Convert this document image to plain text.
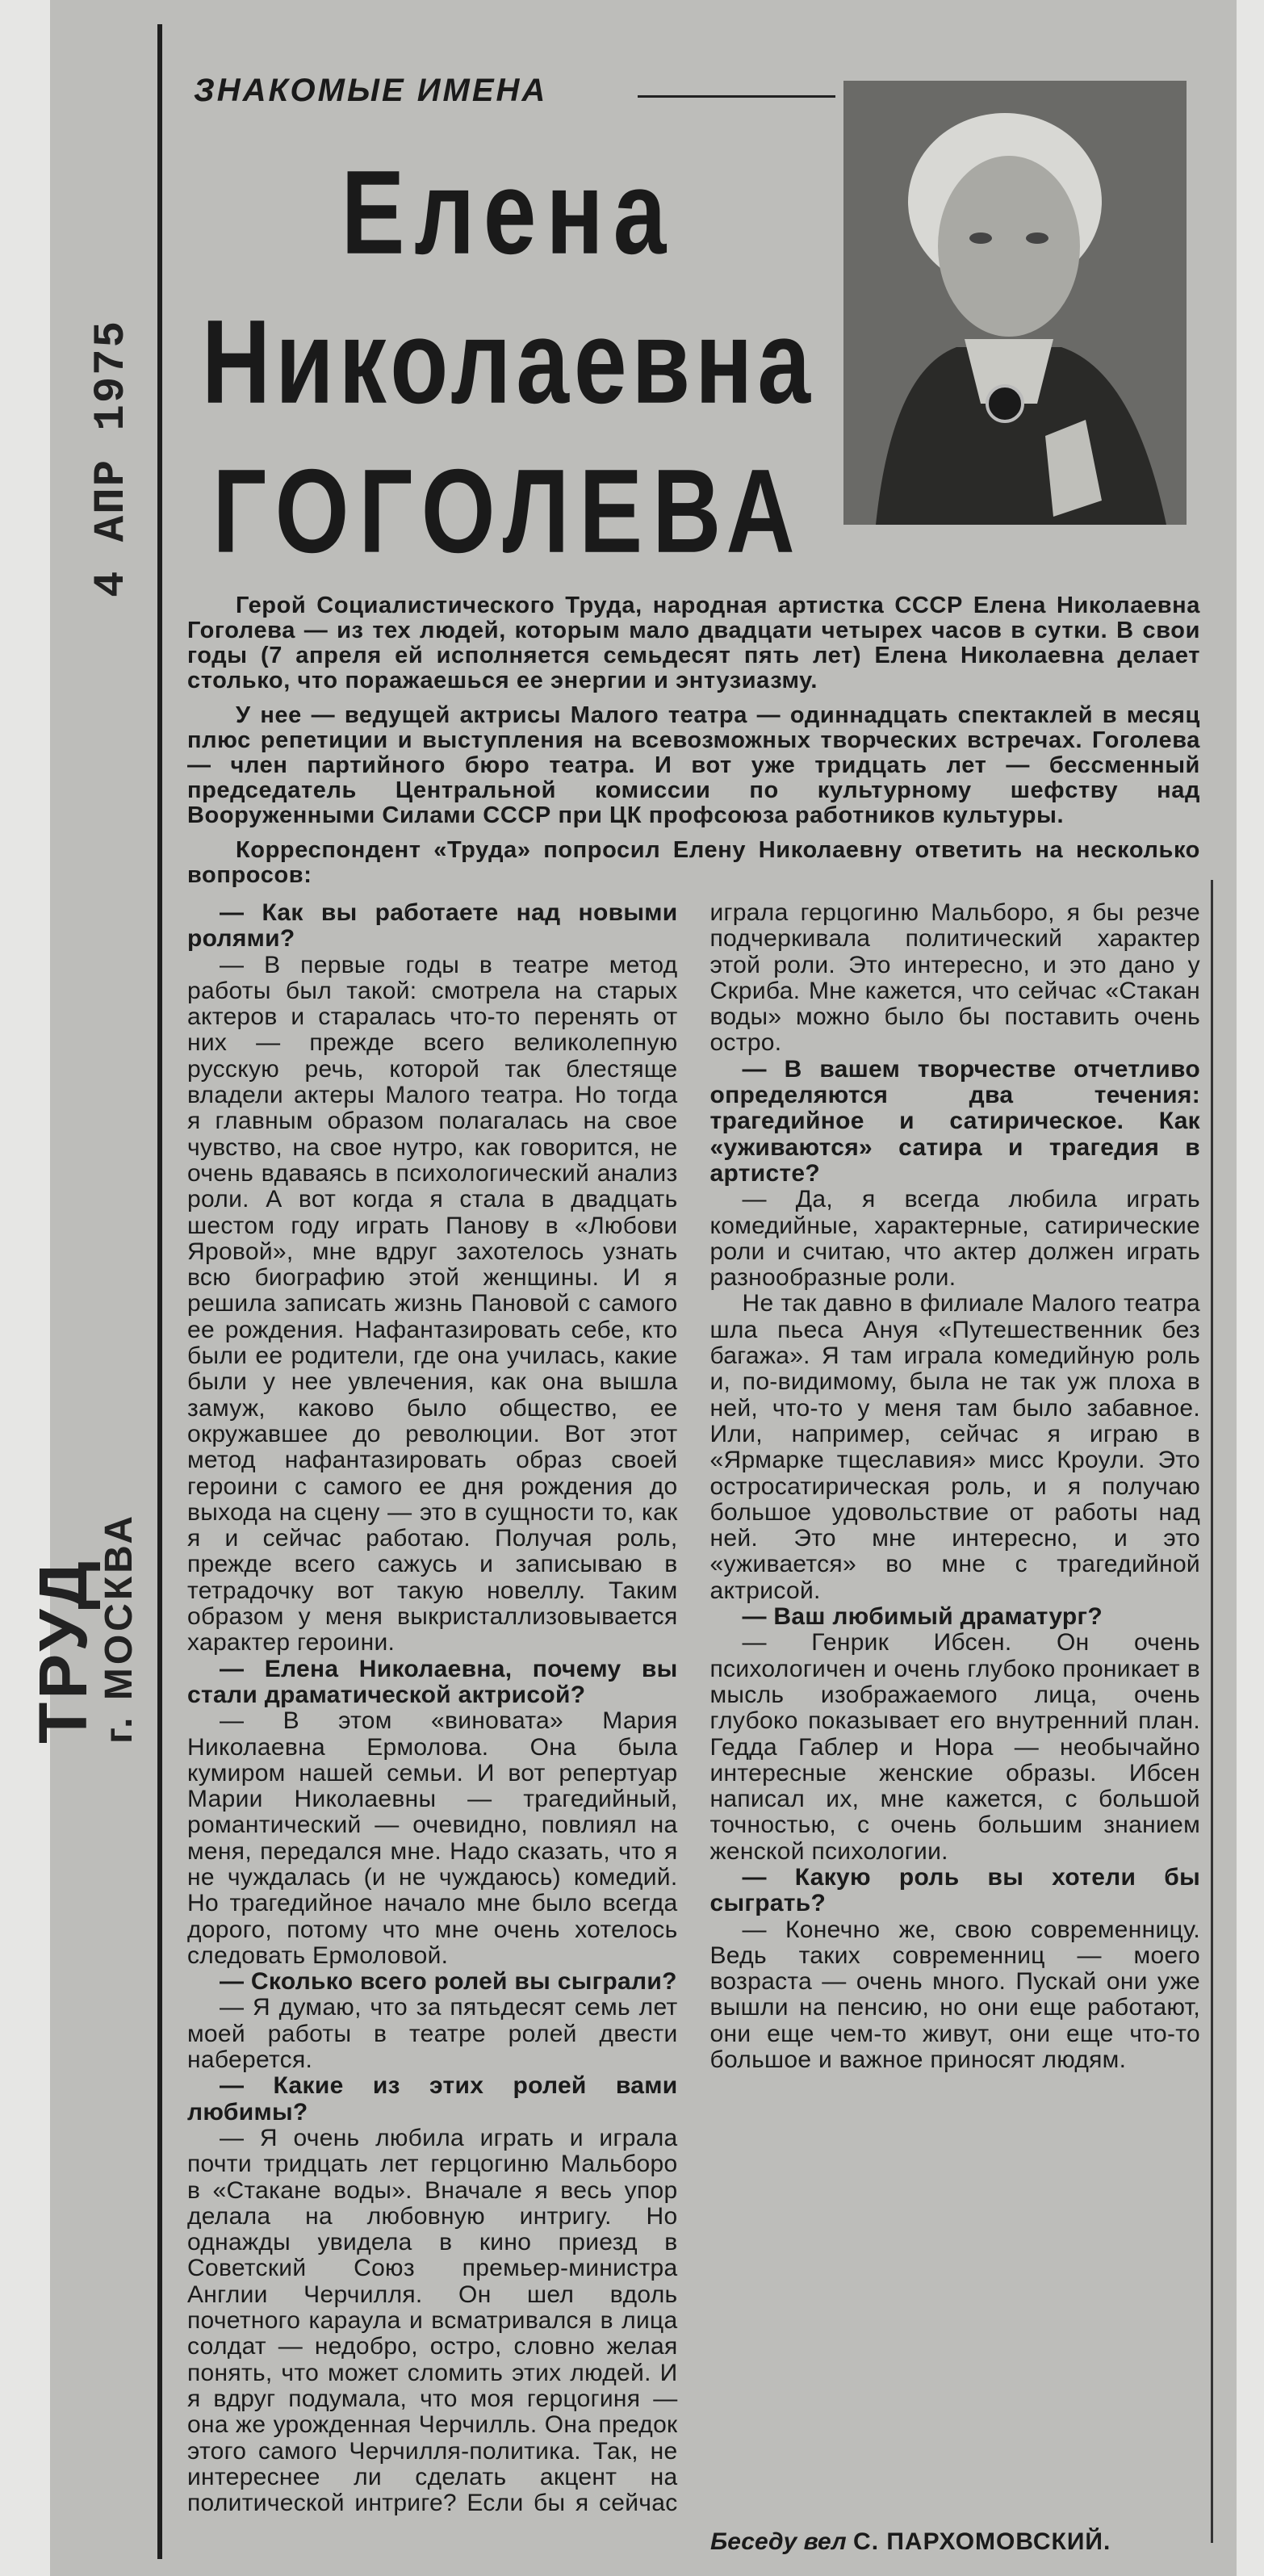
4 АПР 1975
ТРУД
г. МОСКВА
ЗНАКОМЫЕ ИМЕНА
Елена
Николаевна
ГОГОЛЕВА

Герой Социалистического Труда, народная артистка СССР Елена Николаевна Гоголева — из тех людей, которым мало двадцати четырех часов в сутки. В свои годы (7 апреля ей исполняется семьдесят пять лет) Елена Николаевна делает столько, что поражаешься ее энергии и энтузиазму.

У нее — ведущей актрисы Малого театра — одиннадцать спектаклей в месяц плюс репетиции и выступления на всевозможных творческих встречах. Гоголева — член партийного бюро театра. И вот уже тридцать лет — бессменный председатель Центральной комиссии по культурному шефству над Вооруженными Силами СССР при ЦК профсоюза работников культуры.

Корреспондент «Труда» попросил Елену Николаевну ответить на несколько вопросов:

— Как вы работаете над новыми ролями?

— В первые годы в театре метод работы был такой: смотрела на старых актеров и старалась что-то перенять от них — прежде всего великолепную русскую речь, которой так блестяще владели актеры Малого театра. Но тогда я главным образом полагалась на свое чувство, на свое нутро, как говорится, не очень вдаваясь в психологический анализ роли. А вот когда я стала в двадцать шестом году играть Панову в «Любови Яровой», мне вдруг захотелось узнать всю биографию этой женщины. И я решила записать жизнь Пановой с самого ее рождения. Нафантазировать себе, кто были ее родители, где она училась, какие были у нее увлечения, как она вышла замуж, каково было общество, ее окружавшее до революции. Вот этот метод нафантазировать образ своей героини с самого ее дня рождения до выхода на сцену — это в сущности то, как я и сейчас работаю. Получая роль, прежде всего сажусь и записываю в тетрадочку вот такую новеллу. Таким образом у меня выкристаллизовывается характер героини.

— Елена Николаевна, почему вы стали драматической актрисой?

— В этом «виновата» Мария Николаевна Ермолова. Она была кумиром нашей семьи. И вот репертуар Марии Николаевны — трагедийный, романтический — очевидно, повлиял на меня, передался мне. Надо сказать, что я не чуждалась (и не чуждаюсь) комедий. Но трагедийное начало мне было всегда дорого, потому что мне очень хотелось следовать Ермоловой.

— Сколько всего ролей вы сыграли?

— Я думаю, что за пятьдесят семь лет моей работы в театре ролей двести наберется.

— Какие из этих ролей вами любимы?

— Я очень любила играть и играла почти тридцать лет герцогиню Мальборо в «Стакане воды». Вначале я весь упор делала на любовную интригу. Но однажды увидела в кино приезд в Советский Союз премьер-министра Англии Черчилля. Он шел вдоль почетного караула и всматривался в лица солдат — недобро, остро, словно желая понять, что может сломить этих людей. И я вдруг подумала, что моя герцогиня — она же урожденная Черчилль. Она предок этого самого Черчилля-политика. Так, не интереснее ли сделать акцент на политической интриге? Если бы я сейчас играла герцогиню Мальборо, я бы резче подчеркивала политический характер этой роли. Это интересно, и это дано у Скриба. Мне кажется, что сейчас «Стакан воды» можно было бы поставить очень остро.

— В вашем творчестве отчетливо определяются два течения: трагедийное и сатирическое. Как «уживаются» сатира и трагедия в артисте?

— Да, я всегда любила играть комедийные, характерные, сатирические роли и считаю, что актер должен играть разнообразные роли.

Не так давно в филиале Малого театра шла пьеса Ануя «Путешественник без багажа». Я там играла комедийную роль и, по-видимому, была не так уж плоха в ней, что-то у меня там было забавное. Или, например, сейчас я играю в «Ярмарке тщеславия» мисс Кроули. Это остросатирическая роль, и я получаю большое удовольствие от работы над ней. Это мне интересно, и это «уживается» во мне с трагедийной актрисой.

— Ваш любимый драматург?

— Генрик Ибсен. Он очень психологичен и очень глубоко проникает в мысль изображаемого лица, очень глубоко показывает его внутренний план. Гедда Габлер и Нора — необычайно интересные женские образы. Ибсен написал их, мне кажется, с большой точностью, с очень большим знанием женской психологии.

— Какую роль вы хотели бы сыграть?

— Конечно же, свою современницу. Ведь таких современниц — моего возраста — очень много. Пускай они уже вышли на пенсию, но они еще работают, они еще чем-то живут, они еще что-то большое и важное приносят людям.

Беседу вел С. ПАРХОМОВСКИЙ.
